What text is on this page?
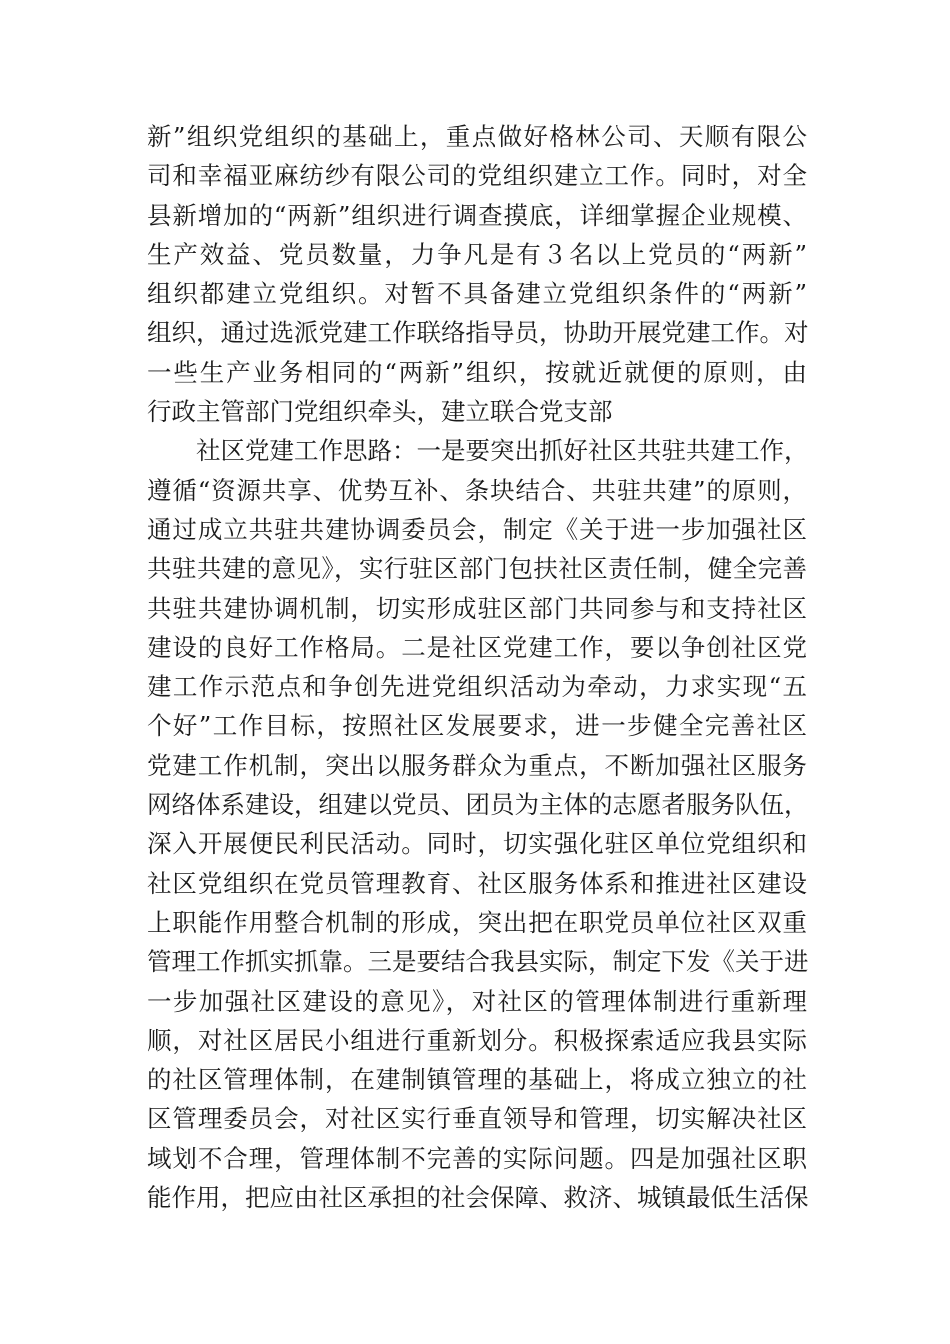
新”组织党组织的基础上，重点做好格林公司、天顺有限公
司和幸福亚麻纺纱有限公司的党组织建立工作。同时，对全
县新增加的“两新”组织进行调查摸底，详细掌握企业规模、
生产效益、党员数量，力争凡是有３名以上党员的“两新”
组织都建立党组织。对暂不具备建立党组织条件的“两新”
组织，通过选派党建工作联络指导员，协助开展党建工作。对
一些生产业务相同的“两新”组织，按就近就便的原则，由
行政主管部门党组织牵头，建立联合党支部
社区党建工作思路：一是要突出抓好社区共驻共建工作，
遵循“资源共享、优势互补、条块结合、共驻共建”的原则，
通过成立共驻共建协调委员会，制定《关于进一步加强社区
共驻共建的意见》，实行驻区部门包扶社区责任制，健全完善
共驻共建协调机制，切实形成驻区部门共同参与和支持社区
建设的良好工作格局。二是社区党建工作，要以争创社区党
建工作示范点和争创先进党组织活动为牵动，力求实现“五
个好”工作目标，按照社区发展要求，进一步健全完善社区
党建工作机制，突出以服务群众为重点，不断加强社区服务
网络体系建设，组建以党员、团员为主体的志愿者服务队伍，
深入开展便民利民活动。同时，切实强化驻区单位党组织和
社区党组织在党员管理教育、社区服务体系和推进社区建设
上职能作用整合机制的形成，突出把在职党员单位社区双重
管理工作抓实抓靠。三是要结合我县实际，制定下发《关于进
一步加强社区建设的意见》，对社区的管理体制进行重新理
顺，对社区居民小组进行重新划分。积极探索适应我县实际
的社区管理体制，在建制镇管理的基础上，将成立独立的社
区管理委员会，对社区实行垂直领导和管理，切实解决社区
域划不合理，管理体制不完善的实际问题。四是加强社区职
能作用，把应由社区承担的社会保障、救济、城镇最低生活保
